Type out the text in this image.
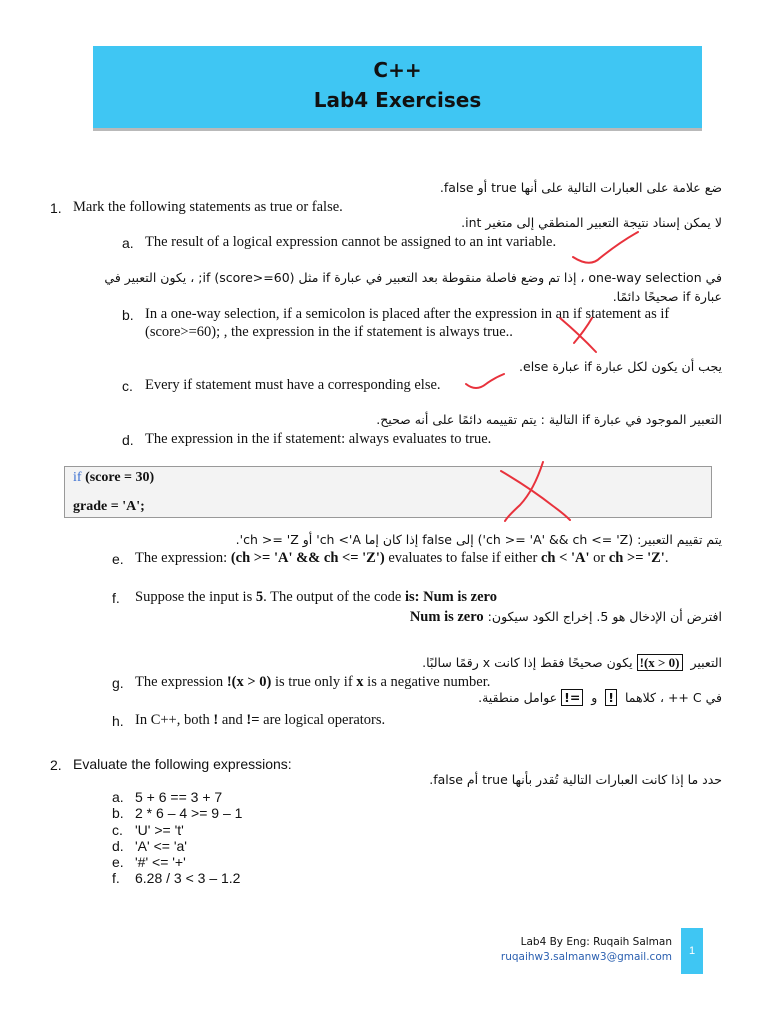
C++
Lab4 Exercises
ضع علامة على العبارات التالية على أنها true أو false.
1. Mark the following statements as true or false.
لا يمكن إسناد نتيجة التعبير المنطقي إلى متغير int.
a. The result of a logical expression cannot be assigned to an int variable.
في one-way selection ، إذا تم وضع فاصلة منقوطة بعد التعبير في عبارة if مثل if (score>=60); ، يكون التعبير في
عبارة if صحيحًا دائمًا.
b. In a one-way selection, if a semicolon is placed after the expression in an if statement as if
(score>=60); , the expression in the if statement is always true..
يجب أن يكون لكل عبارة if عبارة else.
c. Every if statement must have a corresponding else.
التعبير الموجود في عبارة if التالية : يتم تقييمه دائمًا على أنه صحيح.
d. The expression in the if statement: always evaluates to true.
if (score = 30)
grade = 'A';
يتم تقييم التعبير: (ch >= 'A' && ch <= 'Z') إلى false إذا كان إما ch <'A' أو ch >= 'Z'.
e. The expression: (ch >= 'A' && ch <= 'Z') evaluates to false if either ch < 'A' or ch >= 'Z'.
f. Suppose the input is 5. The output of the code is: Num is zero
افترض أن الإدخال هو 5. إخراج الكود سيكون: Num is zero
التعبير  !(x > 0) يكون صحيحًا فقط إذا كانت x رقمًا سالبًا.
g. The expression !(x > 0) is true only if x is a negative number.
في C ++ ، كلاهما  !  و  != عوامل منطقية.
h. In C++, both ! and != are logical operators.
2. Evaluate the following expressions:
حدد ما إذا كانت العبارات التالية تُقدر بأنها true أم false.
a. 5 + 6 == 3 + 7
b. 2 * 6 – 4 >= 9 – 1
c. 'U' >= 't'
d. 'A' <= 'a'
e. '#' <= '+'
f. 6.28 / 3 < 3 – 1.2
Lab4 By Eng: Ruqaih Salman
ruqaihw3.salmanw3@gmail.com	1
